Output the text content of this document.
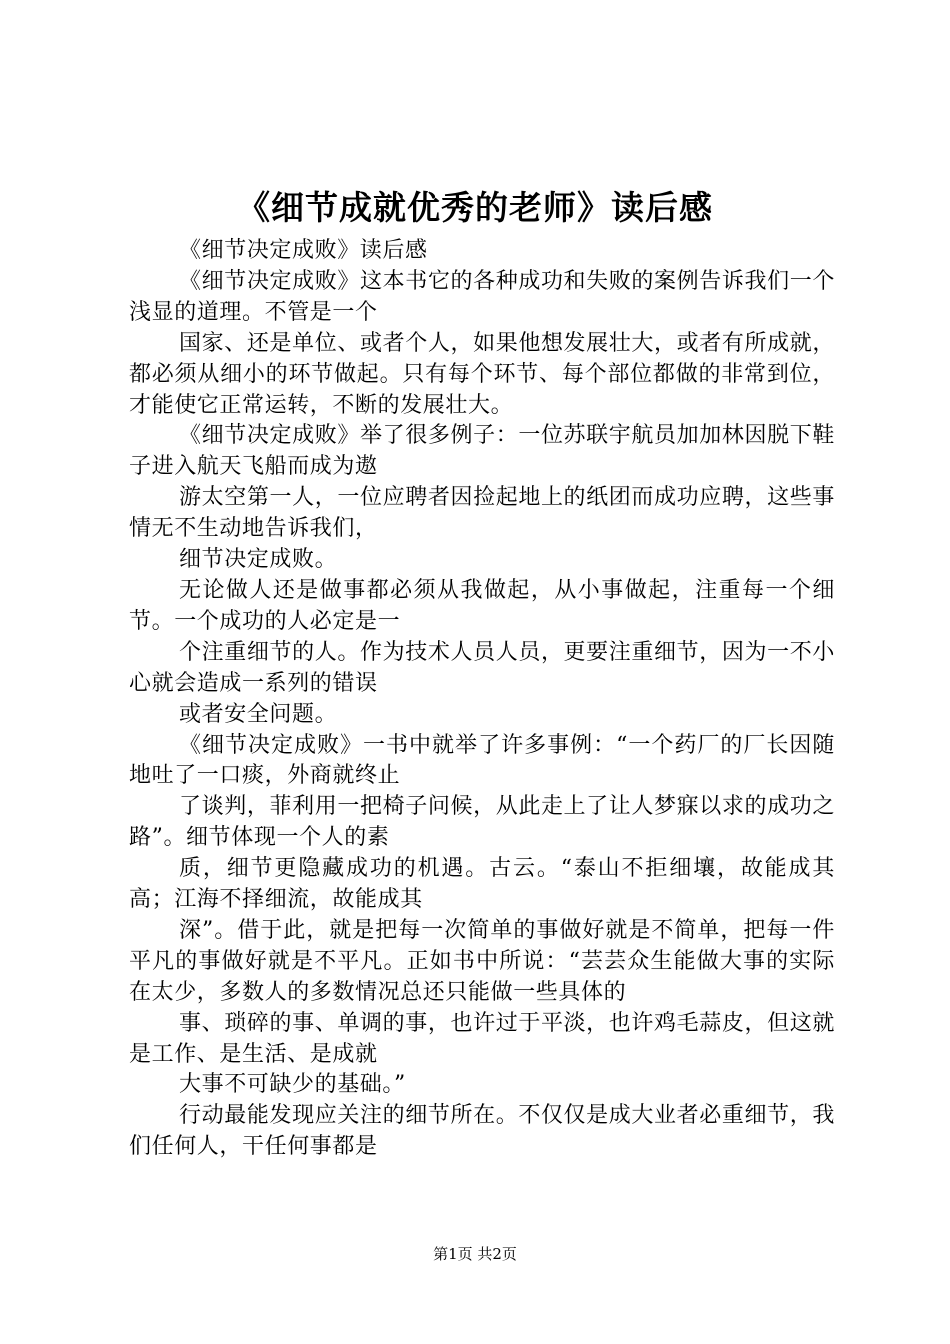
《细节成就优秀的老师》读后感

《细节决定成败》读后感

《细节决定成败》这本书它的各种成功和失败的案例告诉我们一个浅显的道理。不管是一个

国家、还是单位、或者个人，如果他想发展壮大，或者有所成就，都必须从细小的环节做起。只有每个环节、每个部位都做的非常到位，才能使它正常运转，不断的发展壮大。

《细节决定成败》举了很多例子：一位苏联宇航员加加林因脱下鞋子进入航天飞船而成为遨

游太空第一人，一位应聘者因捡起地上的纸团而成功应聘，这些事情无不生动地告诉我们，

细节决定成败。

无论做人还是做事都必须从我做起，从小事做起，注重每一个细节。一个成功的人必定是一

个注重细节的人。作为技术人员人员，更要注重细节，因为一不小心就会造成一系列的错误

或者安全问题。

《细节决定成败》一书中就举了许多事例：“一个药厂的厂长因随地吐了一口痰，外商就终止

了谈判，菲利用一把椅子问候，从此走上了让人梦寐以求的成功之路”。细节体现一个人的素

质，细节更隐藏成功的机遇。古云。“泰山不拒细壤，故能成其高；江海不择细流，故能成其

深”。借于此，就是把每一次简单的事做好就是不简单，把每一件平凡的事做好就是不平凡。正如书中所说：“芸芸众生能做大事的实际在太少，多数人的多数情况总还只能做一些具体的

事、琐碎的事、单调的事，也许过于平淡，也许鸡毛蒜皮，但这就是工作、是生活、是成就

大事不可缺少的基础。”

行动最能发现应关注的细节所在。不仅仅是成大业者必重细节，我们任何人，干任何事都是

第1页 共2页
